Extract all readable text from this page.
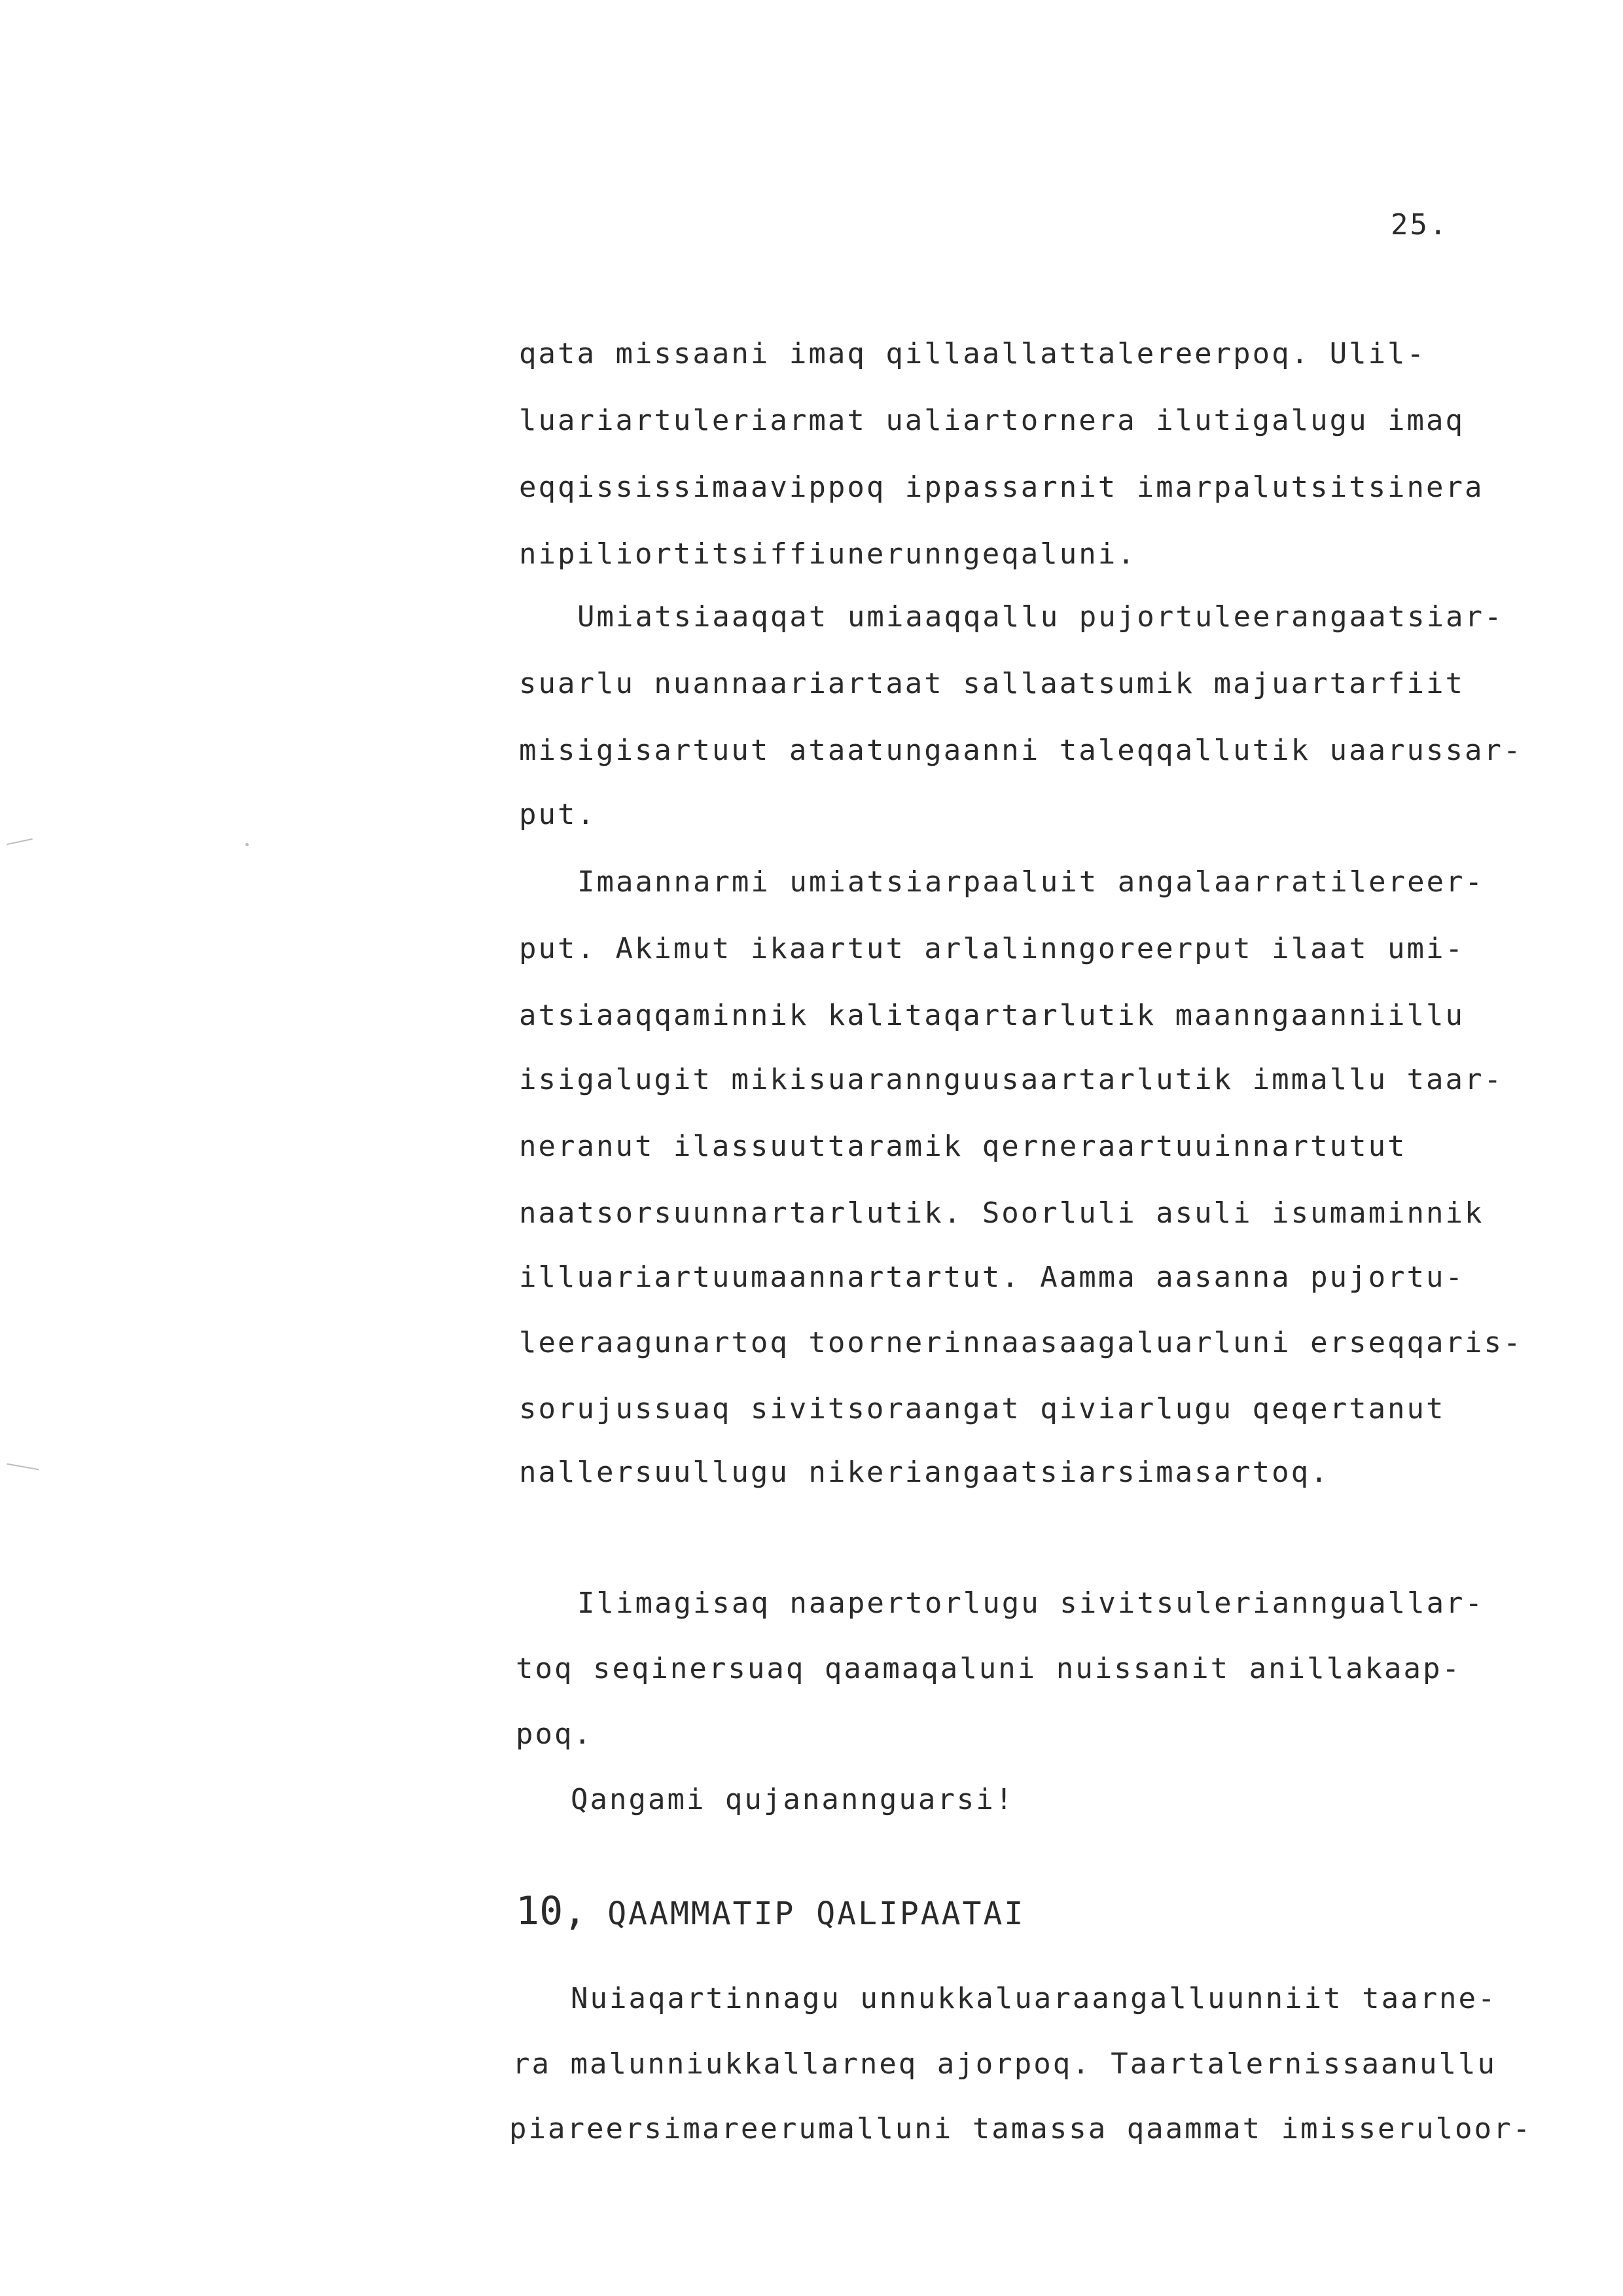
25.
qata missaani imaq qillaallattalereerpoq. Ulil-
luariartuleriarmat ualiartornera ilutigalugu imaq
eqqississimaavippoq ippassarnit imarpalutsitsinera
nipiliortitsiffiunerunngeqaluni.
Umiatsiaaqqat umiaaqqallu pujortuleerangaatsiar-
suarlu nuannaariartaat sallaatsumik majuartarfiit
misigisartuut ataatungaanni taleqqallutik uaarussar-
put.
Imaannarmi umiatsiarpaaluit angalaarratilereer-
put. Akimut ikaartut arlalinngoreerput ilaat umi-
atsiaaqqaminnik kalitaqartarlutik maanngaanniillu
isigalugit mikisuarannguusaartarlutik immallu taar-
neranut ilassuuttaramik qerneraartuuinnartutut
naatsorsuunnartarlutik. Soorluli asuli isumaminnik
illuariartuumaannartartut. Aamma aasanna pujortu-
leeraagunartoq toornerinnaasaagaluarluni erseqqaris-
sorujussuaq sivitsoraangat qiviarlugu qeqertanut
nallersuullugu nikeriangaatsiarsimasartoq.
Ilimagisaq naapertorlugu sivitsuleriannguallar-
toq seqinersuaq qaamaqaluni nuissanit anillakaap-
poq.
Qangami qujanannguarsi!
10, QAAMMATIP QALIPAATAI
Nuiaqartinnagu unnukkaluaraangalluunniit taarne-
ra malunniukkallarneq ajorpoq. Taartalernissaanullu
piareersimareerumalluni tamassa qaammat imisseruloor-
